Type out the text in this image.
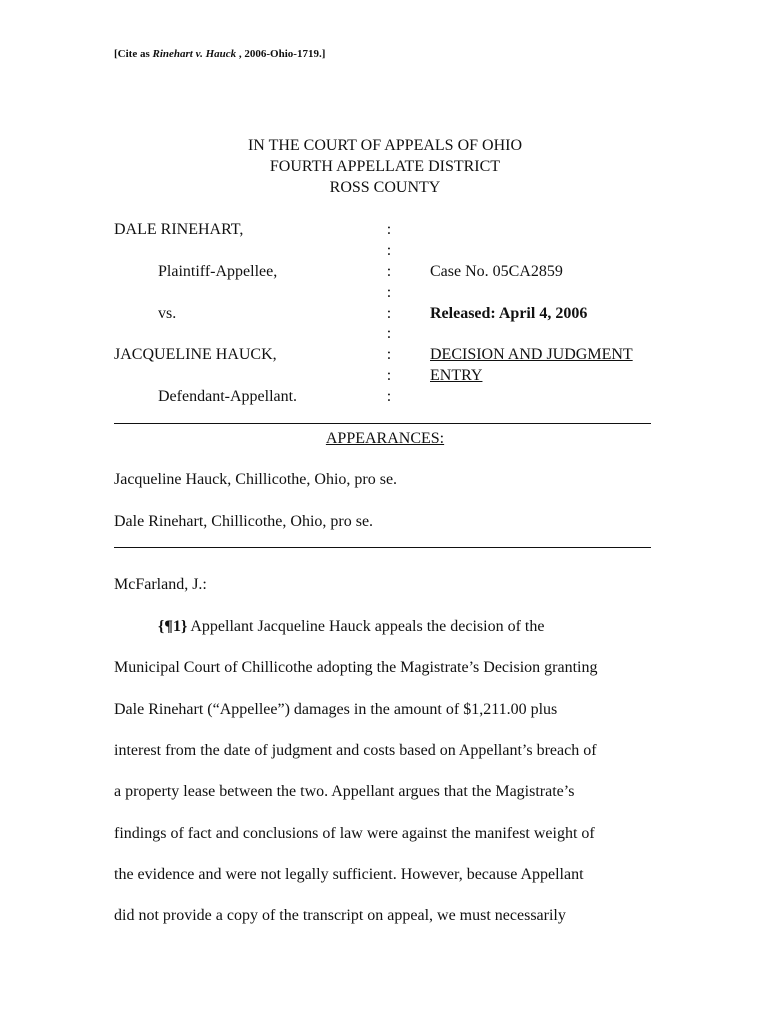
[Cite as Rinehart v. Hauck , 2006-Ohio-1719.]
IN THE COURT OF APPEALS OF OHIO
FOURTH APPELLATE DISTRICT
ROSS COUNTY
DALE RINEHART,
Plaintiff-Appellee,
vs.
JACQUELINE HAUCK,
Defendant-Appellant.
:
:
:
:
:
:
:
:
:
Case No. 05CA2859
Released: April 4, 2006
DECISION AND JUDGMENT
ENTRY
APPEARANCES:
Jacqueline Hauck, Chillicothe, Ohio, pro se.
Dale Rinehart, Chillicothe, Ohio, pro se.
McFarland, J.:
{¶1} Appellant Jacqueline Hauck appeals the decision of the
Municipal Court of Chillicothe adopting the Magistrate’s Decision granting
Dale Rinehart (“Appellee”) damages in the amount of $1,211.00 plus
interest from the date of judgment and costs based on Appellant’s breach of
a property lease between the two. Appellant argues that the Magistrate’s
findings of fact and conclusions of law were against the manifest weight of
the evidence and were not legally sufficient. However, because Appellant
did not provide a copy of the transcript on appeal, we must necessarily
